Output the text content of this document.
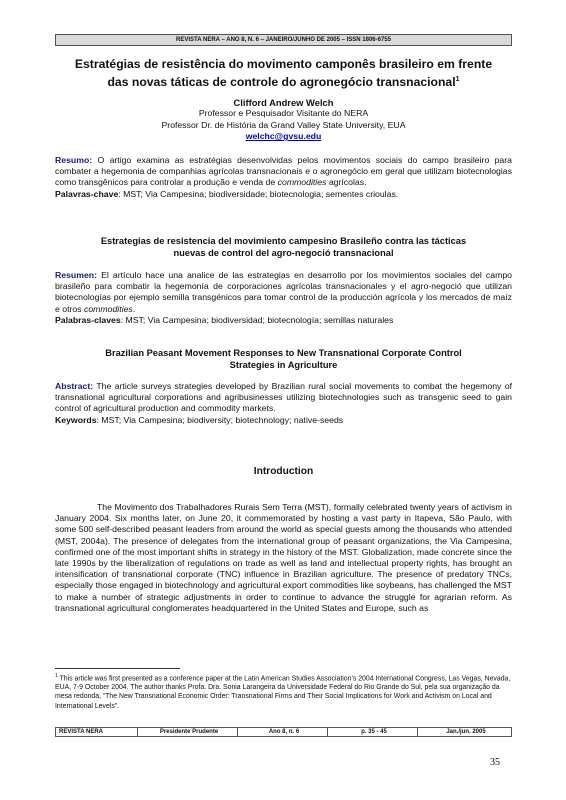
REVISTA NERA – ANO 8, N. 6 – JANEIRO/JUNHO DE 2005 – ISSN 1806-6755
Estratégias de resistência do movimento camponês brasileiro em frente
das novas táticas de controle do agronegócio transnacional$^1$
Clifford Andrew Welch
Professor e Pesquisador Visitante do NERA
Professor Dr. de História da Grand Valley State University, EUA
welchc@gvsu.edu
Resumo: O artigo examina as estratégias desenvolvidas pelos movimentos sociais do campo brasileiro para combater a hegemonia de companhias agrícolas transnacionais e o agronegócio em geral que utilizam biotecnologias como transgênicos para controlar a produção e venda de commodities agrícolas.
Palavras-chave: MST; Via Campesina; biodiversidade; biotecnologia; sementes crioulas.
Estrategias de resistencia del movimiento campesino Brasileño contra las tácticas
nuevas de control del agro-negoció transnacional
Resumen: El artículo hace una analice de las estrategias en desarrollo por los movimientos sociales del campo brasileño para combatir la hegemonía de corporaciones agrícolas transnacionales y el agro-negoció que utilizan biotecnologías por ejemplo semilla transgénicos para tomar control de la producción agrícola y los mercados de maíz e otros commodities.
Palabras-claves: MST; Via Campesina; biodiversidad; biotecnología; semillas naturales
Brazilian Peasant Movement Responses to New Transnational Corporate Control
Strategies in Agriculture
Abstract: The article surveys strategies developed by Brazilian rural social movements to combat the hegemony of transnational agricultural corporations and agribusinesses utilizing biotechnologies such as transgenic seed to gain control of agricultural production and commodity markets.
Keywords: MST; Via Campesina; biodiversity; biotechnology; native-seeds
Introduction
The Movimento dos Trabalhadores Rurais Sem Terra (MST), formally celebrated twenty years of activism in January 2004. Six months later, on June 20, it commemorated by hosting a vast party in Itapeva, São Paulo, with some 500 self-described peasant leaders from around the world as special guests among the thousands who attended (MST, 2004a). The presence of delegates from the international group of peasant organizations, the Via Campesina, confirmed one of the most important shifts in strategy in the history of the MST. Globalization, made concrete since the late 1990s by the liberalization of regulations on trade as well as land and intellectual property rights, has brought an intensification of transnational corporate (TNC) influence in Brazilian agriculture. The presence of predatory TNCs, especially those engaged in biotechnology and agricultural export commodities like soybeans, has challenged the MST to make a number of strategic adjustments in order to continue to advance the struggle for agrarian reform. As transnational agricultural conglomerates headquartered in the United States and Europe, such as
$^1$ This article was first presented as a conference paper at the Latin American Studies Association’s 2004 International Congress, Las Vegas, Nevada, EUA, 7-9 October 2004. The author thanks Profa. Dra. Sonia Larangeira da Universidade Federal do Rio Grande do Sul, pela sua organização da mesa redonda, “The New Transnational Economic Order: Transnational Firms and Their Social Implications for Work and Activism on Local and International Levels”.
REVISTA NERA	Presidente Prudente	Ano 8, n. 6	p. 35 - 45	Jan./jun. 2005
35
